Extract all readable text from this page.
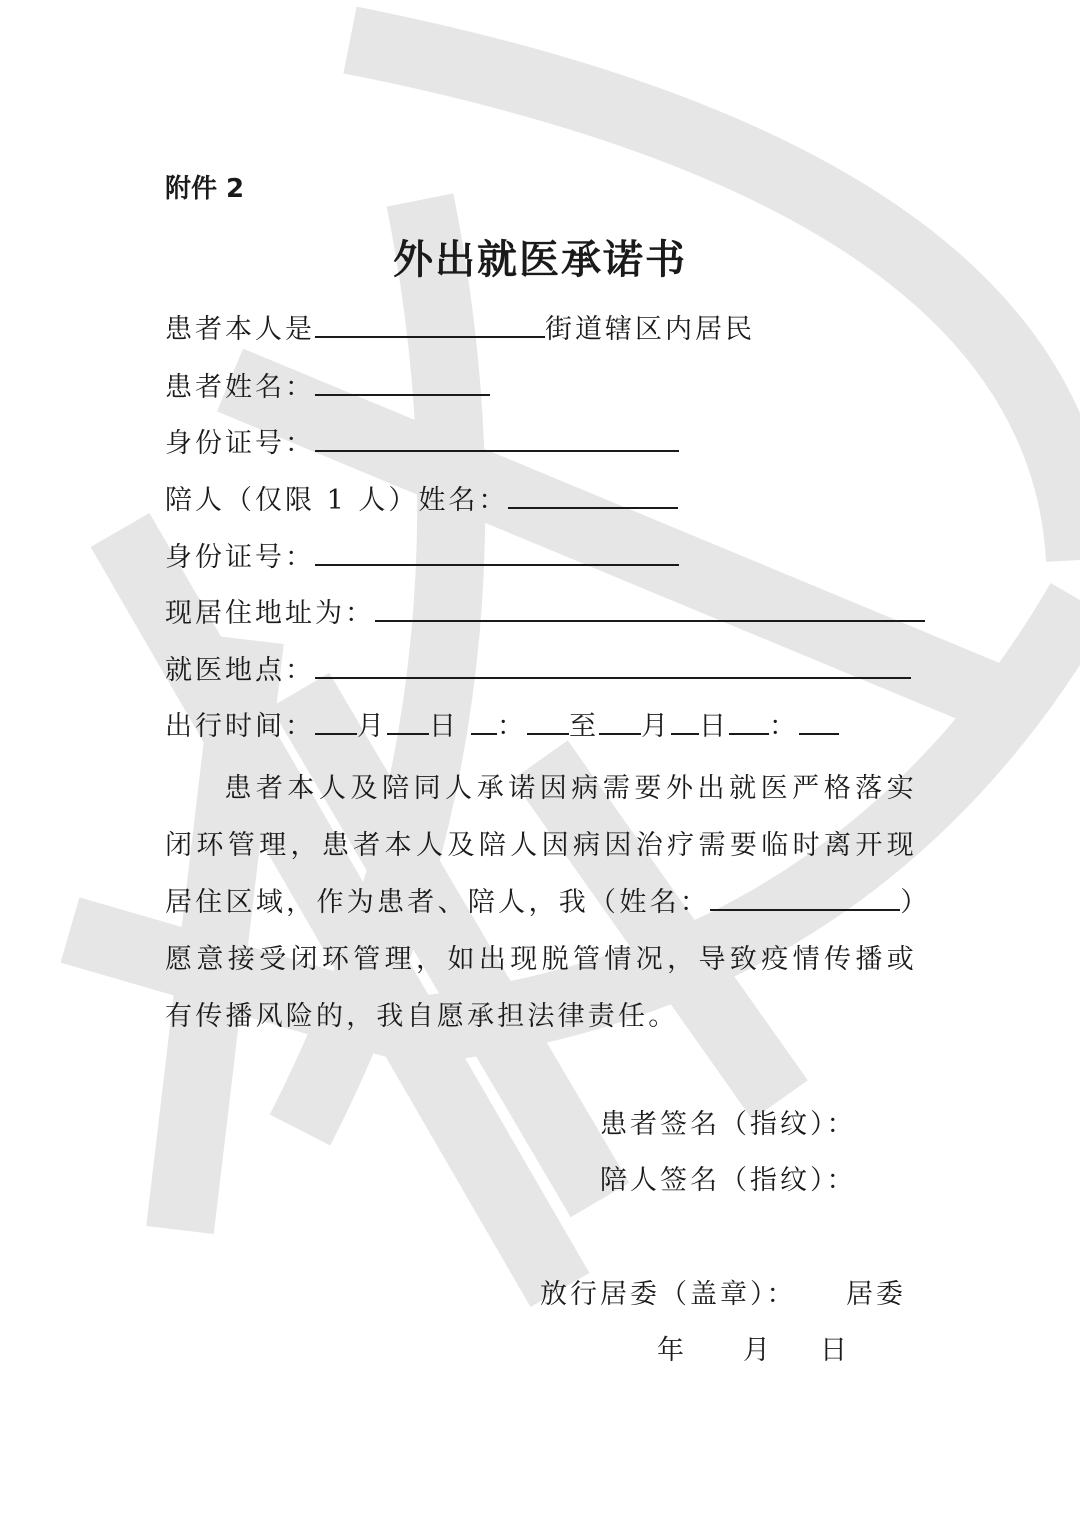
附件 2
外出就医承诺书
患者本人是	街道辖区内居民
患者姓名：
身份证号：
陪人（仅限 1 人）姓名：
身份证号：
现居住地址为：
就医地点：
出行时间： 月 日 ： 至 月 日 ：
患者本人及陪同人承诺因病需要外出就医严格落实闭环管理，患者本人及陪人因病因治疗需要临时离开现居住区域，作为患者、陪人，我（姓名：	）愿意接受闭环管理，如出现脱管情况，导致疫情传播或有传播风险的，我自愿承担法律责任。
患者签名（指纹）：
陪人签名（指纹）：
放行居委（盖章）： 居委
年 月 日
